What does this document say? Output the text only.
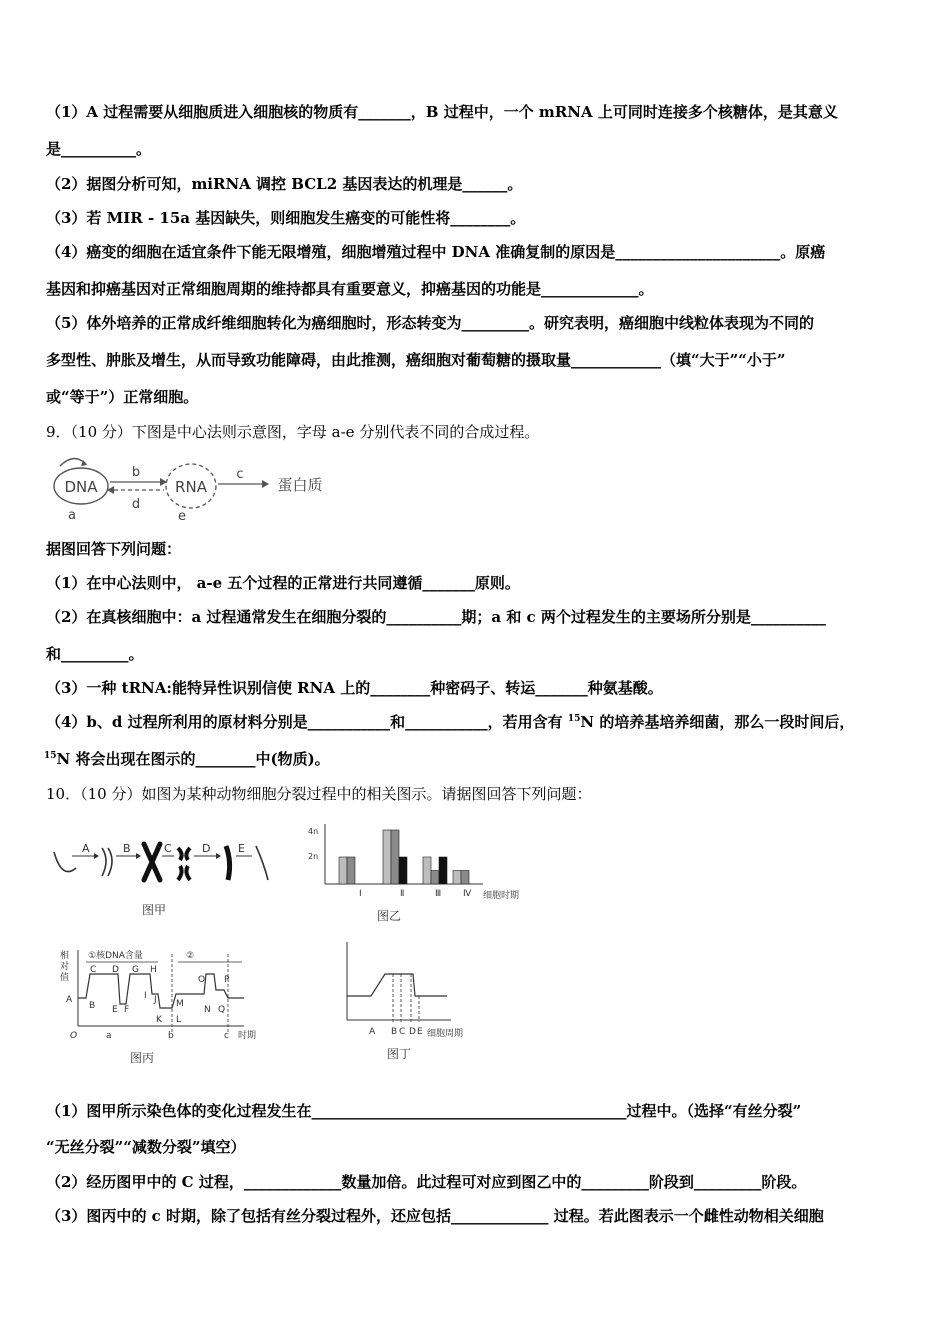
（1）A 过程需要从细胞质进入细胞核的物质有_______，B 过程中，一个 mRNA 上可同时连接多个核糖体，是其意义
是__________。
（2）据图分析可知，miRNA 调控 BCL2 基因表达的机理是______。
（3）若 MIR - 15a 基因缺失，则细胞发生癌变的可能性将________。
（4）癌变的细胞在适宜条件下能无限增殖，细胞增殖过程中 DNA 准确复制的原因是______________________。原癌
基因和抑癌基因对正常细胞周期的维持都具有重要意义，抑癌基因的功能是_____________。
（5）体外培养的正常成纤维细胞转化为癌细胞时，形态转变为_________。研究表明，癌细胞中线粒体表现为不同的
多型性、肿胀及增生，从而导致功能障碍，由此推测，癌细胞对葡萄糖的摄取量____________（填“大于”“小于”
或“等于”）正常细胞。
9．（10 分）下图是中心法则示意图，字母 a-e 分别代表不同的合成过程。
DNA
a
b
d
RNA
e
c
蛋白质
据图回答下列问题：
（1）在中心法则中， a-e 五个过程的正常进行共同遵循_______原则。
（2）在真核细胞中：a 过程通常发生在细胞分裂的__________期；a 和 c 两个过程发生的主要场所分别是__________
和_________。
（3）一种 tRNA:能特异性识别信使 RNA 上的________种密码子、转运_______种氨基酸。
（4）b、d 过程所利用的原材料分别是___________和___________，若用含有 $^{15}$N 的培养基培养细菌，那么一段时间后，
$^{15}$N 将会出现在图示的________中(物质)。
10．（10 分）如图为某种动物细胞分裂过程中的相关图示。请据图回答下列问题：
A	B	C	D	E
图甲
4n
2n
Ⅰ	Ⅱ	Ⅲ Ⅳ 细胞时期
图乙
相
对
值
①核DNA含量	②
A
B
C D
E F
G H
I J
K L
M
N
O P
Q
O	a	b	c 时期
图丙
A B C D E 细胞周期
图丁
（1）图甲所示染色体的变化过程发生在__________________________________________过程中。（选择“有丝分裂”
“无丝分裂”“减数分裂”填空）
（2）经历图甲中的 C 过程，_____________数量加倍。此过程可对应到图乙中的_________阶段到_________阶段。
（3）图丙中的 c 时期，除了包括有丝分裂过程外，还应包括_____________ 过程。若此图表示一个雌性动物相关细胞
